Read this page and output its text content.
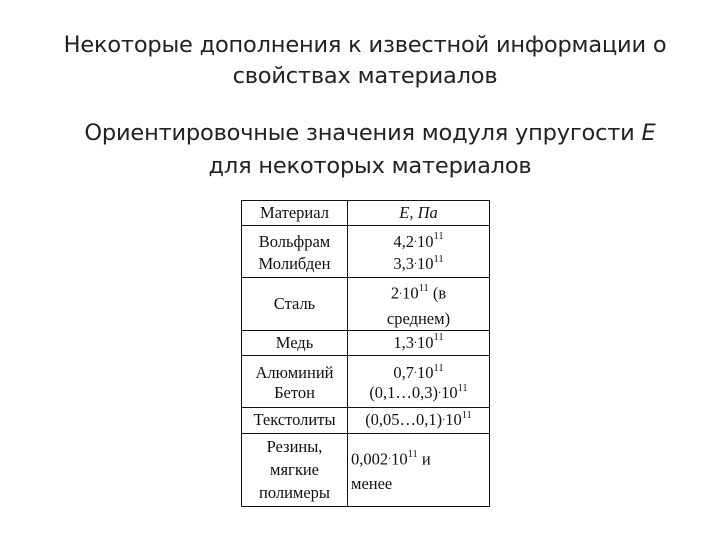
Некоторые дополнения к известной информации о свойствах материалов
Ориентировочные значения модуля упругости E для некоторых материалов
Материал	E, Па
Вольфрам	$4,2^.10^{11}$
Молибден	$3,3^.10^{11}$
Сталь	$2^.10^{11}$ (в
среднем)

Медь	$1,3^.10^{11}$
Алюминий	$0,7^.10^{11}$
Бетон	$(0,1\dots 0,3)^.10^{11}$
Текстолиты	$(0,05\dots 0,1)^.10^{11}$

Резины,
мягкие
полимеры	$0,002^.10^{11}$ и
менее
